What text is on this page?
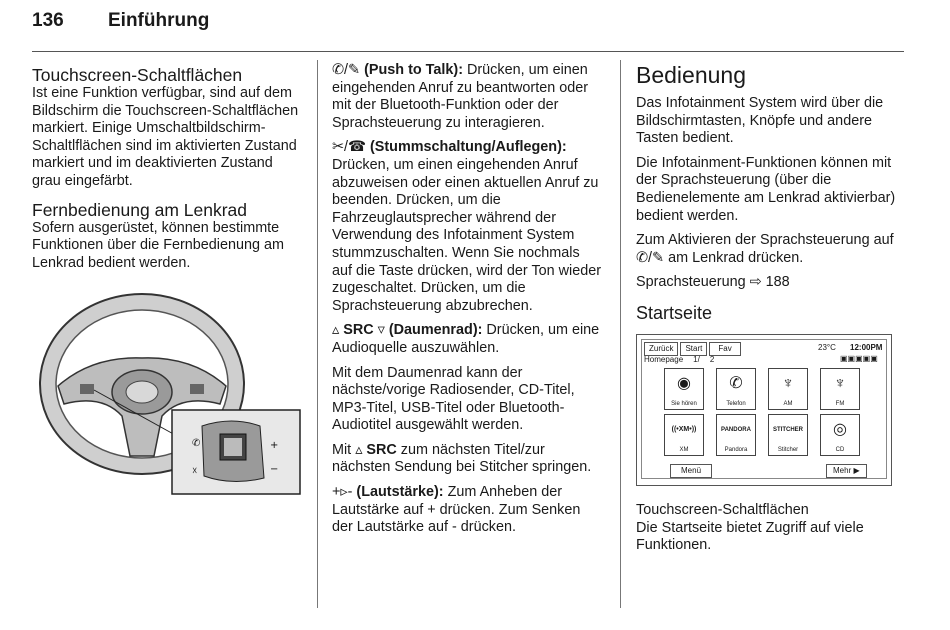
136 Einführung
Touchscreen-Schaltflächen

Ist eine Funktion verfügbar, sind auf dem Bildschirm die Touchscreen-Schaltflächen markiert. Einige Umschaltbildschirm-Schaltlflächen sind im aktivierten Zustand markiert und im deaktivierten Zustand grau eingefärbt.

Fernbedienung am Lenkrad

Sofern ausgerüstet, können bestimmte Funktionen über die Fernbedienung am Lenkrad bedient werden.

✆
☓
+
−

✆/✎ (Push to Talk): Drücken, um einen eingehenden Anruf zu beantworten oder mit der Bluetooth-Funktion oder der Sprachsteuerung zu interagieren.

✂/☎ (Stummschaltung/Auflegen): Drücken, um einen eingehenden Anruf abzuweisen oder einen aktuellen Anruf zu beenden. Drücken, um die Fahrzeuglautsprecher während der Verwendung des Infotainment System stummzuschalten. Wenn Sie nochmals auf die Taste drücken, wird der Ton wieder zugeschaltet. Drücken, um die Sprachsteuerung abzubrechen.

▵ SRC ▿ (Daumenrad): Drücken, um eine Audioquelle auszuwählen.

Mit dem Daumenrad kann der nächste/vorige Radiosender, CD-Titel, MP3-Titel, USB-Titel oder Bluetooth-Audiotitel ausgewählt werden.

Mit ▵ SRC zum nächsten Titel/zur nächsten Sendung bei Stitcher springen.

+▹- (Lautstärke): Zum Anheben der Lautstärke auf + drücken. Zum Senken der Lautstärke auf - drücken.

Bedienung

Das Infotainment System wird über die Bildschirmtasten, Knöpfe und andere Tasten bedient.

Die Infotainment-Funktionen können mit der Sprachsteuerung (über die Bedienelemente am Lenkrad aktivierbar) bedient werden.

Zum Aktivieren der Sprachsteuerung auf ✆/✎ am Lenkrad drücken.

Sprachsteuerung ⇨ 188

Startseite
Zurück	Start	Fav	23°C 12:00PM
Homepage 1/ 2	▣▣▣▣▣
◉
Sie hören
✆
Telefon
♆
AM
♆
FM
((•XM•))
XM
PANDORA
Pandora
STITCHER
Stitcher
◎
CD
Menü	Mehr ▶
Touchscreen-Schaltflächen
Die Startseite bietet Zugriff auf viele Funktionen.
